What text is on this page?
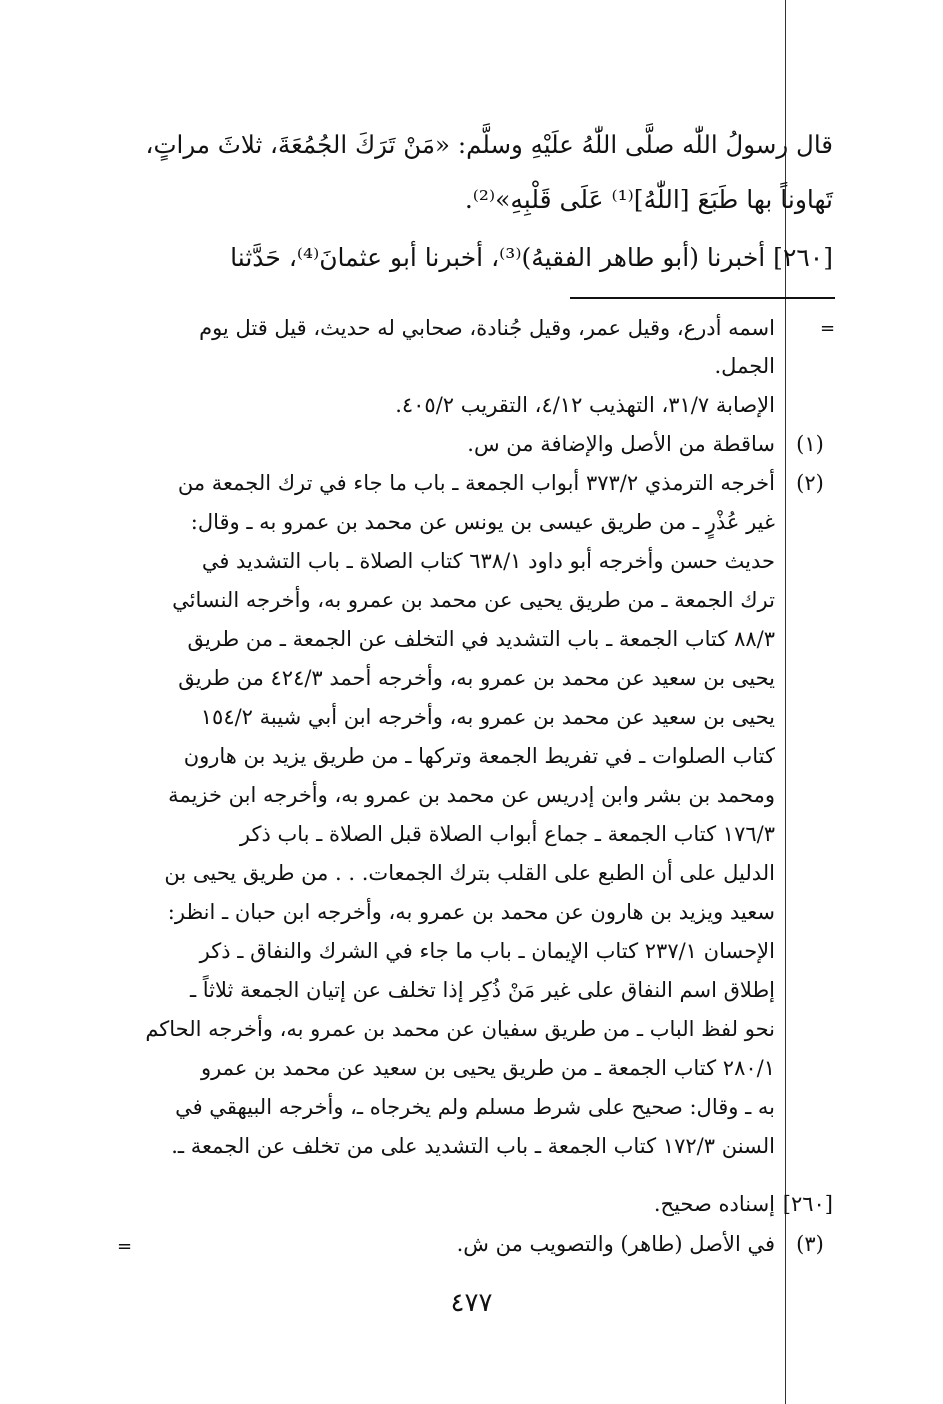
قال رسولُ اللّٰه صلَّى اللّٰهُ علَيْهِ وسلَّم: «مَنْ تَرَكَ الجُمُعَةَ، ثلاثَ مراتٍ،
تَهاوناً بها طَبَعَ [اللّٰهُ]⁽¹⁾ عَلَى قَلْبِهِ»⁽²⁾.
[٢٦٠] أخبرنا (أبو طاهر الفقيهُ)⁽³⁾، أخبرنا أبو عثمانَ⁽⁴⁾، حَدَّثنا
=
اسمه أدرع، وقيل عمر، وقيل جُنادة، صحابي له حديث، قيل قتل يوم
الجمل.
الإصابة ٣١/٧، التهذيب ٤/١٢، التقريب ٤٠٥/٢.
(١)
ساقطة من الأصل والإضافة من س.
(٢)
أخرجه الترمذي ٣٧٣/٢ أبواب الجمعة ـ باب ما جاء في ترك الجمعة من
غير عُذْرٍ ـ من طريق عيسى بن يونس عن محمد بن عمرو به ـ وقال:
حديث حسن وأخرجه أبو داود ٦٣٨/١ كتاب الصلاة ـ باب التشديد في
ترك الجمعة ـ من طريق يحيى عن محمد بن عمرو به، وأخرجه النسائي
٨٨/٣ كتاب الجمعة ـ باب التشديد في التخلف عن الجمعة ـ من طريق
يحيى بن سعيد عن محمد بن عمرو به، وأخرجه أحمد ٤٢٤/٣ من طريق
يحيى بن سعيد عن محمد بن عمرو به، وأخرجه ابن أبي شيبة ١٥٤/٢
كتاب الصلوات ـ في تفريط الجمعة وتركها ـ من طريق يزيد بن هارون
ومحمد بن بشر وابن إدريس عن محمد بن عمرو به، وأخرجه ابن خزيمة
١٧٦/٣ كتاب الجمعة ـ جماع أبواب الصلاة قبل الصلاة ـ باب ذكر
الدليل على أن الطبع على القلب بترك الجمعات. . . من طريق يحيى بن
سعيد ويزيد بن هارون عن محمد بن عمرو به، وأخرجه ابن حبان ـ انظر:
الإحسان ٢٣٧/١ كتاب الإيمان ـ باب ما جاء في الشرك والنفاق ـ ذكر
إطلاق اسم النفاق على غير مَنْ ذُكِر إذا تخلف عن إتيان الجمعة ثلاثاً ـ
نحو لفظ الباب ـ من طريق سفيان عن محمد بن عمرو به، وأخرجه الحاكم
٢٨٠/١ كتاب الجمعة ـ من طريق يحيى بن سعيد عن محمد بن عمرو
به ـ وقال: صحيح على شرط مسلم ولم يخرجاه ـ، وأخرجه البيهقي في
السنن ١٧٢/٣ كتاب الجمعة ـ باب التشديد على من تخلف عن الجمعة ـ.
[٢٦٠]
إسناده صحيح.
(٣)
في الأصل (طاهر) والتصويب من ش.
=
٤٧٧
